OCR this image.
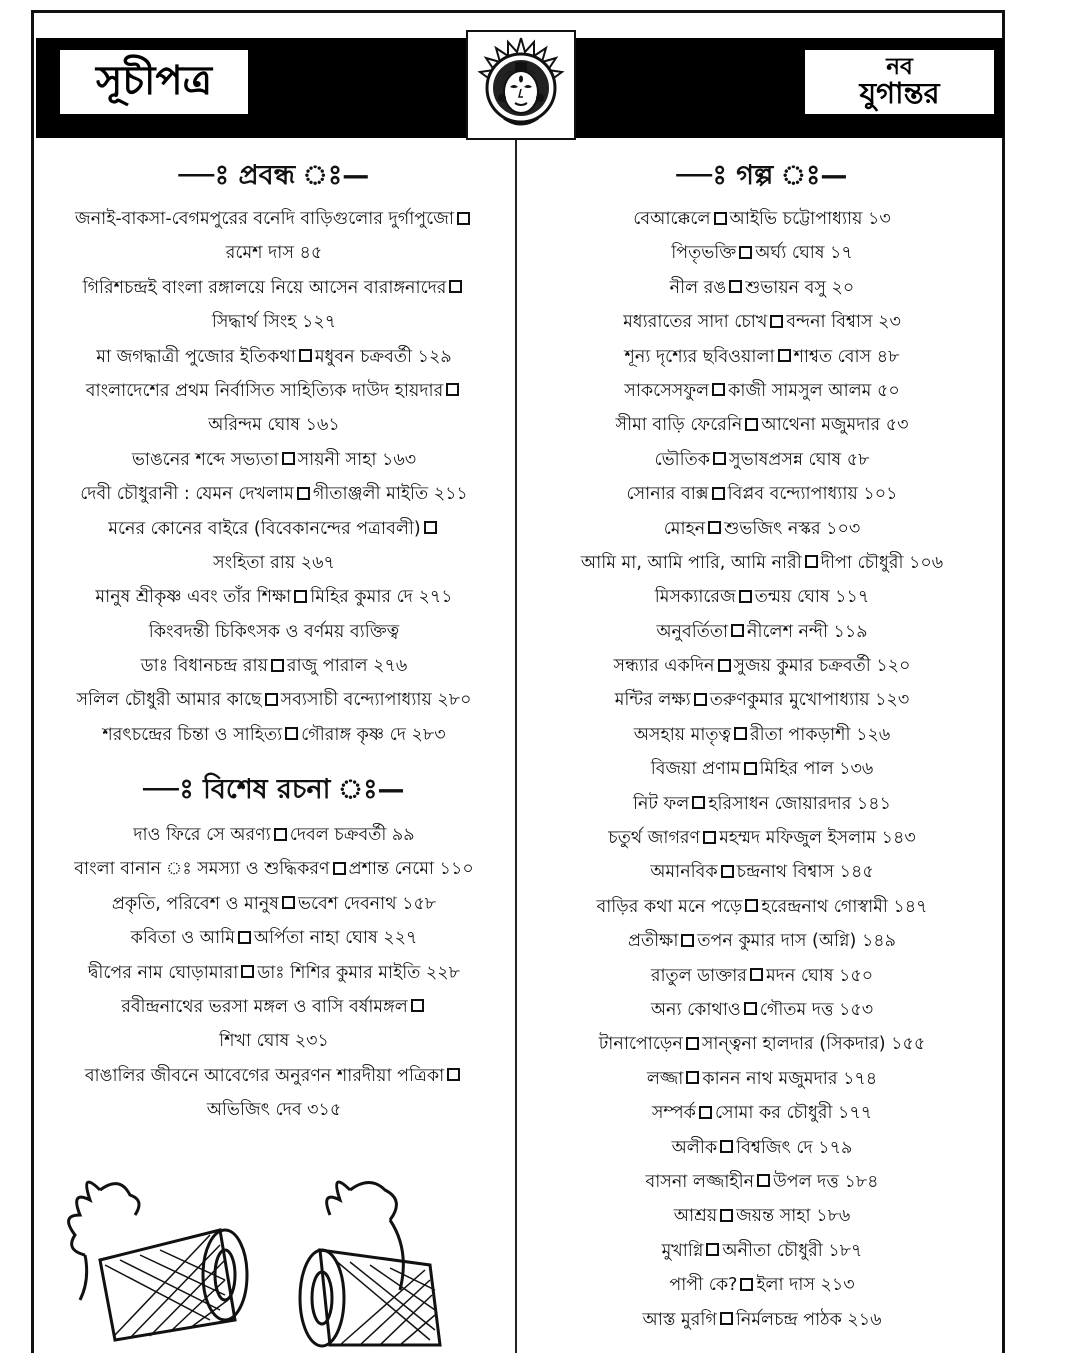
সূচীপত্র	নব
যুগান্তর
—ঃ প্রবন্ধ ঃ—
জনাই-বাকসা-বেগমপুরের বনেদি বাড়িগুলোর দুর্গাপুজো
রমেশ দাস ৪৫
গিরিশচন্দ্রই বাংলা রঙ্গালয়ে নিয়ে আসেন বারাঙ্গনাদের
সিদ্ধার্থ সিংহ ১২৭
মা জগদ্ধাত্রী পুজোর ইতিকথা মধুবন চক্রবর্তী ১২৯
বাংলাদেশের প্রথম নির্বাসিত সাহিত্যিক দাউদ হায়দার
অরিন্দম ঘোষ ১৬১
ভাঙনের শব্দে সভ্যতা সায়নী সাহা ১৬৩
দেবী চৌধুরানী : যেমন দেখলাম গীতাঞ্জলী মাইতি ২১১
মনের কোনের বাইরে (বিবেকানন্দের পত্রাবলী)
সংহিতা রায় ২৬৭
মানুষ শ্রীকৃষ্ণ এবং তাঁর শিক্ষা মিহির কুমার দে ২৭১
কিংবদন্তী চিকিৎসক ও বর্ণময় ব্যক্তিত্ব
ডাঃ বিধানচন্দ্র রায় রাজু পারাল ২৭৬
সলিল চৌধুরী আমার কাছে সব্যসাচী বন্দ্যোপাধ্যায় ২৮০
শরৎচন্দ্রের চিন্তা ও সাহিত্য গৌরাঙ্গ কৃষ্ণ দে ২৮৩
—ঃ বিশেষ রচনা ঃ—
দাও ফিরে সে অরণ্য দেবল চক্রবর্তী ৯৯
বাংলা বানান ঃ সমস্যা ও শুদ্ধিকরণ প্রশান্ত নেমো ১১০
প্রকৃতি, পরিবেশ ও মানুষ ভবেশ দেবনাথ ১৫৮
কবিতা ও আমি অর্পিতা নাহা ঘোষ ২২৭
দ্বীপের নাম ঘোড়ামারা ডাঃ শিশির কুমার মাইতি ২২৮
রবীন্দ্রনাথের ভরসা মঙ্গল ও বাসি বর্ষামঙ্গল
শিখা ঘোষ ২৩১
বাঙালির জীবনে আবেগের অনুরণন শারদীয়া পত্রিকা
অভিজিৎ দেব ৩১৫
—ঃ গল্প ঃ—
বেআক্কেলে আইভি চট্টোপাধ্যায় ১৩
পিতৃভক্তি অর্ঘ্য ঘোষ ১৭
নীল রঙ শুভায়ন বসু ২০
মধ্যরাতের সাদা চোখ বন্দনা বিশ্বাস ২৩
শূন্য দৃশ্যের ছবিওয়ালা শাশ্বত বোস ৪৮
সাকসেসফুল কাজী সামসুল আলম ৫০
সীমা বাড়ি ফেরেনি আথেনা মজুমদার ৫৩
ভৌতিক সুভাষপ্রসন্ন ঘোষ ৫৮
সোনার বাক্স বিপ্লব বন্দ্যোপাধ্যায় ১০১
মোহন শুভজিৎ নস্কর ১০৩
আমি মা, আমি পারি, আমি নারী দীপা চৌধুরী ১০৬
মিসক্যারেজ তন্ময় ঘোষ ১১৭
অনুবর্তিতা নীলেশ নন্দী ১১৯
সন্ধ্যার একদিন সুজয় কুমার চক্রবর্তী ১২০
মন্টির লক্ষ্য তরুণকুমার মুখোপাধ্যায় ১২৩
অসহায় মাতৃত্ব রীতা পাকড়াশী ১২৬
বিজয়া প্রণাম মিহির পাল ১৩৬
নিট ফল হরিসাধন জোয়ারদার ১৪১
চতুর্থ জাগরণ মহম্মদ মফিজুল ইসলাম ১৪৩
অমানবিক চন্দ্রনাথ বিশ্বাস ১৪৫
বাড়ির কথা মনে পড়ে হরেন্দ্রনাথ গোস্বামী ১৪৭
প্রতীক্ষা তপন কুমার দাস (অগ্নি) ১৪৯
রাতুল ডাক্তার মদন ঘোষ ১৫০
অন্য কোথাও গৌতম দত্ত ১৫৩
টানাপোড়েন সান্ত্বনা হালদার (সিকদার) ১৫৫
লজ্জা কানন নাথ মজুমদার ১৭৪
সম্পর্ক সোমা কর চৌধুরী ১৭৭
অলীক বিশ্বজিৎ দে ১৭৯
বাসনা লজ্জাহীন উপল দত্ত ১৮৪
আশ্রয় জয়ন্ত সাহা ১৮৬
মুখাগ্নি অনীতা চৌধুরী ১৮৭
পাপী কে? ইলা দাস ২১৩
আস্ত মুরগি নির্মলচন্দ্র পাঠক ২১৬
